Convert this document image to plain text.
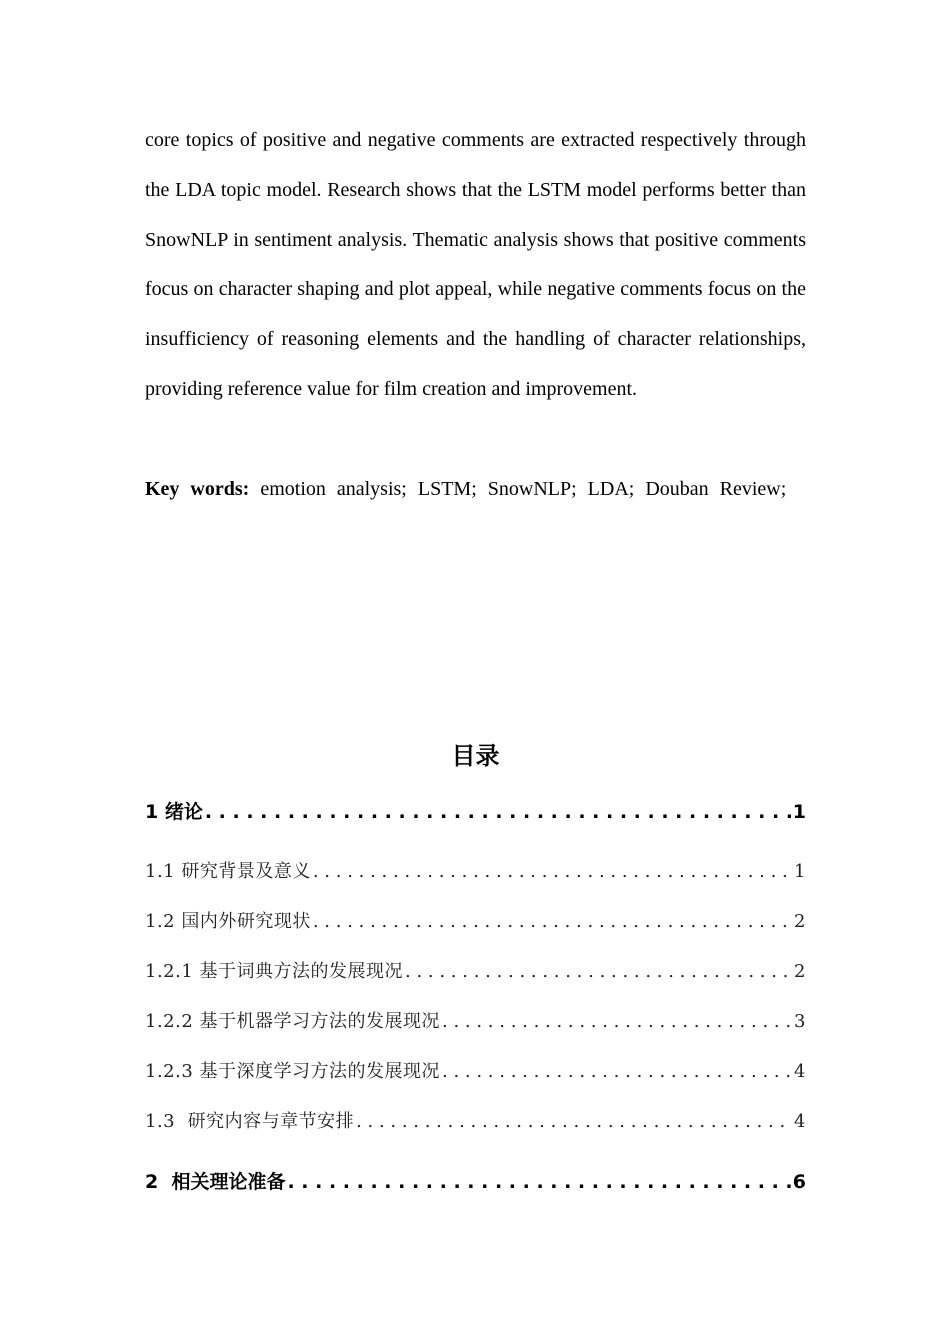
core topics of positive and negative comments are extracted respectively through the LDA topic model. Research shows that the LSTM model performs better than SnowNLP in sentiment analysis. Thematic analysis shows that positive comments focus on character shaping and plot appeal, while negative comments focus on the insufficiency of reasoning elements and the handling of character relationships, providing reference value for film creation and improvement.

Key words: emotion analysis; LSTM; SnowNLP; LDA; Douban Review;

目录
1 绪论 . . .	1
1.1 研究背景及意义 . . .	1
1.2 国内外研究现状 . . .	2
1.2.1 基于词典方法的发展现况 . . .	2
1.2.2 基于机器学习方法的发展现况 . . .	3
1.2.3 基于深度学习方法的发展现况 . . .	4
1.3  研究内容与章节安排 . . .	4
2  相关理论准备 . . .	6
